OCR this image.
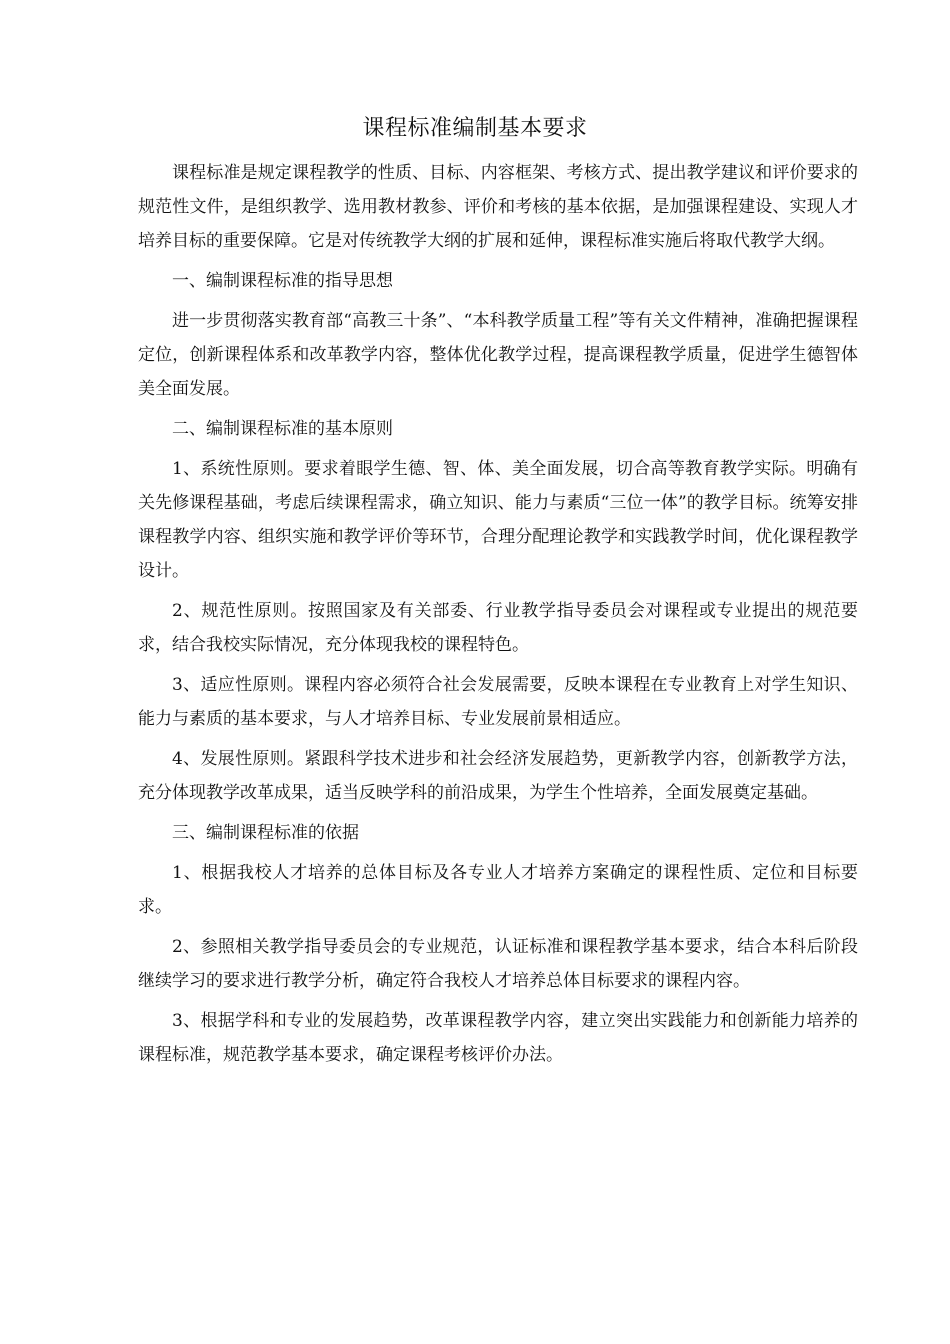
课程标准编制基本要求

课程标准是规定课程教学的性质、目标、内容框架、考核方式、提出教学建议和评价要求的规范性文件，是组织教学、选用教材教参、评价和考核的基本依据，是加强课程建设、实现人才培养目标的重要保障。它是对传统教学大纲的扩展和延伸，课程标准实施后将取代教学大纲。

一、编制课程标准的指导思想

进一步贯彻落实教育部“高教三十条”、“本科教学质量工程”等有关文件精神，准确把握课程定位，创新课程体系和改革教学内容，整体优化教学过程，提高课程教学质量，促进学生德智体美全面发展。

二、编制课程标准的基本原则

1、系统性原则。要求着眼学生德、智、体、美全面发展，切合高等教育教学实际。明确有关先修课程基础，考虑后续课程需求，确立知识、能力与素质“三位一体”的教学目标。统筹安排课程教学内容、组织实施和教学评价等环节，合理分配理论教学和实践教学时间，优化课程教学设计。

2、规范性原则。按照国家及有关部委、行业教学指导委员会对课程或专业提出的规范要求，结合我校实际情况，充分体现我校的课程特色。

3、适应性原则。课程内容必须符合社会发展需要，反映本课程在专业教育上对学生知识、能力与素质的基本要求，与人才培养目标、专业发展前景相适应。

4、发展性原则。紧跟科学技术进步和社会经济发展趋势，更新教学内容，创新教学方法，充分体现教学改革成果，适当反映学科的前沿成果，为学生个性培养，全面发展奠定基础。

三、编制课程标准的依据

1、根据我校人才培养的总体目标及各专业人才培养方案确定的课程性质、定位和目标要求。

2、参照相关教学指导委员会的专业规范，认证标准和课程教学基本要求，结合本科后阶段继续学习的要求进行教学分析，确定符合我校人才培养总体目标要求的课程内容。

3、根据学科和专业的发展趋势，改革课程教学内容，建立突出实践能力和创新能力培养的课程标准，规范教学基本要求，确定课程考核评价办法。
